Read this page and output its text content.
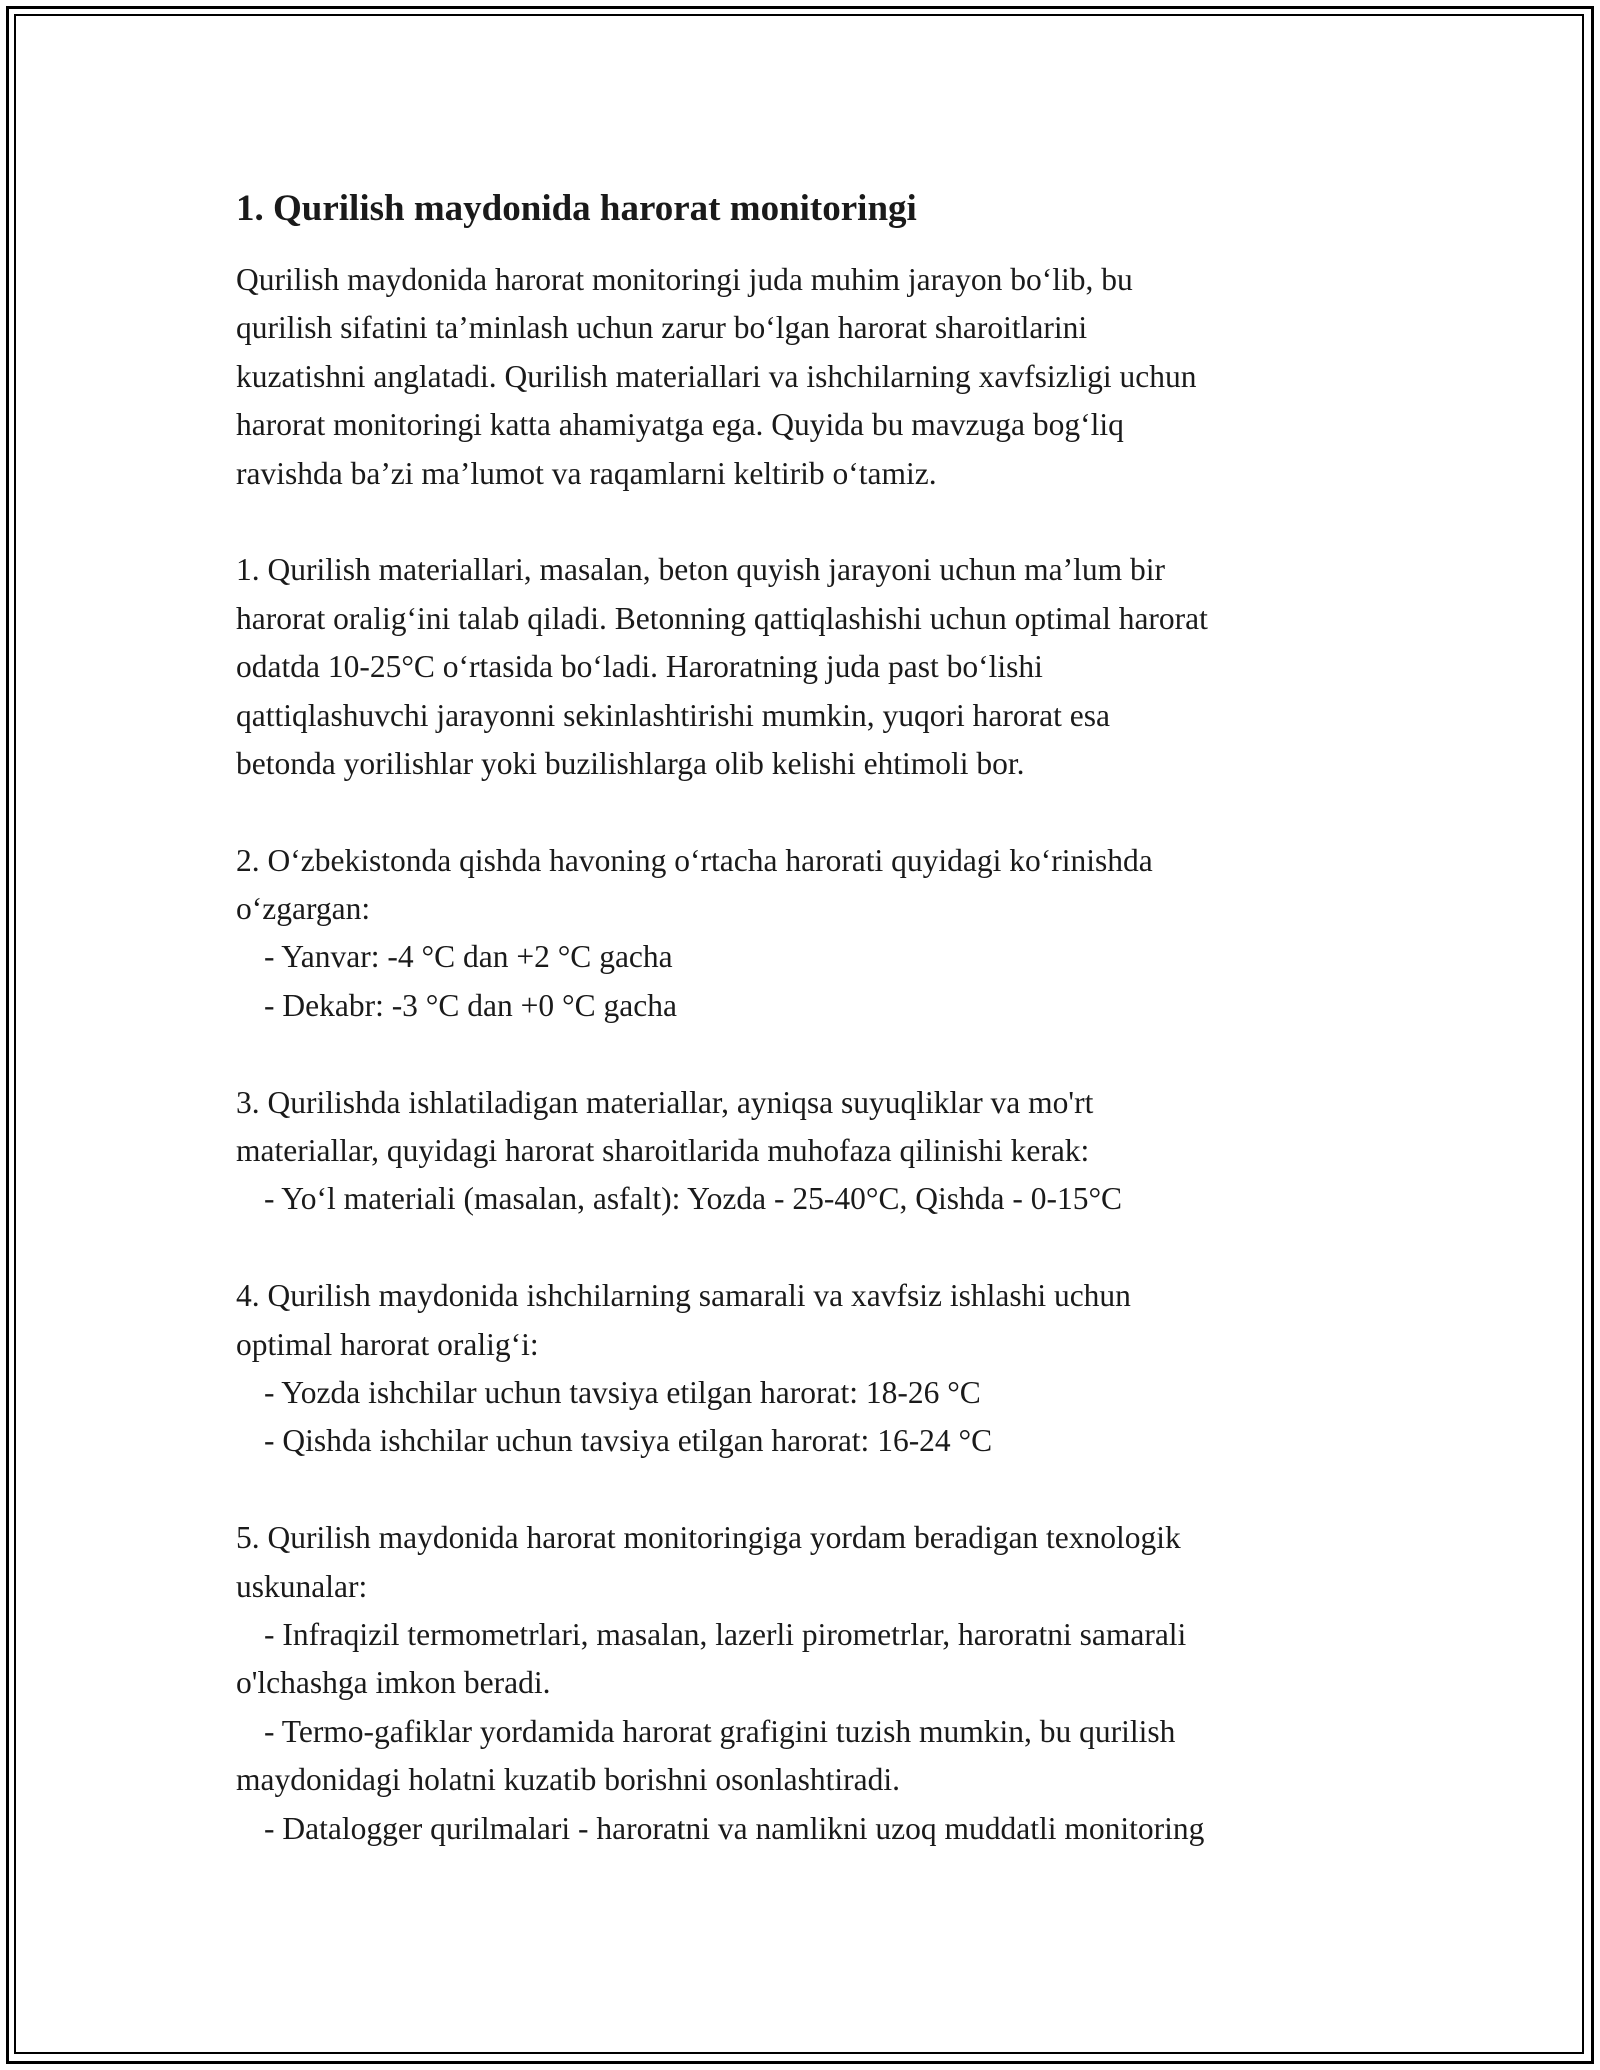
1. Qurilish maydonida harorat monitoringi
Qurilish maydonida harorat monitoringi juda muhim jarayon bo‘lib, bu
qurilish sifatini ta’minlash uchun zarur bo‘lgan harorat sharoitlarini
kuzatishni anglatadi. Qurilish materiallari va ishchilarning xavfsizligi uchun
harorat monitoringi katta ahamiyatga ega. Quyida bu mavzuga bog‘liq
ravishda ba’zi ma’lumot va raqamlarni keltirib o‘tamiz.
1. Qurilish materiallari, masalan, beton quyish jarayoni uchun ma’lum bir
harorat oralig‘ini talab qiladi. Betonning qattiqlashishi uchun optimal harorat
odatda 10-25°C o‘rtasida bo‘ladi. Haroratning juda past bo‘lishi
qattiqlashuvchi jarayonni sekinlashtirishi mumkin, yuqori harorat esa
betonda yorilishlar yoki buzilishlarga olib kelishi ehtimoli bor.
2. O‘zbekistonda qishda havoning o‘rtacha harorati quyidagi ko‘rinishda
o‘zgargan:
- Yanvar: -4 °C dan +2 °C gacha
- Dekabr: -3 °C dan +0 °C gacha
3. Qurilishda ishlatiladigan materiallar, ayniqsa suyuqliklar va mo'rt
materiallar, quyidagi harorat sharoitlarida muhofaza qilinishi kerak:
- Yo‘l materiali (masalan, asfalt): Yozda - 25-40°C, Qishda - 0-15°C
4. Qurilish maydonida ishchilarning samarali va xavfsiz ishlashi uchun
optimal harorat oralig‘i:
- Yozda ishchilar uchun tavsiya etilgan harorat: 18-26 °C
- Qishda ishchilar uchun tavsiya etilgan harorat: 16-24 °C
5. Qurilish maydonida harorat monitoringiga yordam beradigan texnologik
uskunalar:
- Infraqizil termometrlari, masalan, lazerli pirometrlar, haroratni samarali
o'lchashga imkon beradi.
- Termo-gafiklar yordamida harorat grafigini tuzish mumkin, bu qurilish
maydonidagi holatni kuzatib borishni osonlashtiradi.
- Datalogger qurilmalari - haroratni va namlikni uzoq muddatli monitoring
